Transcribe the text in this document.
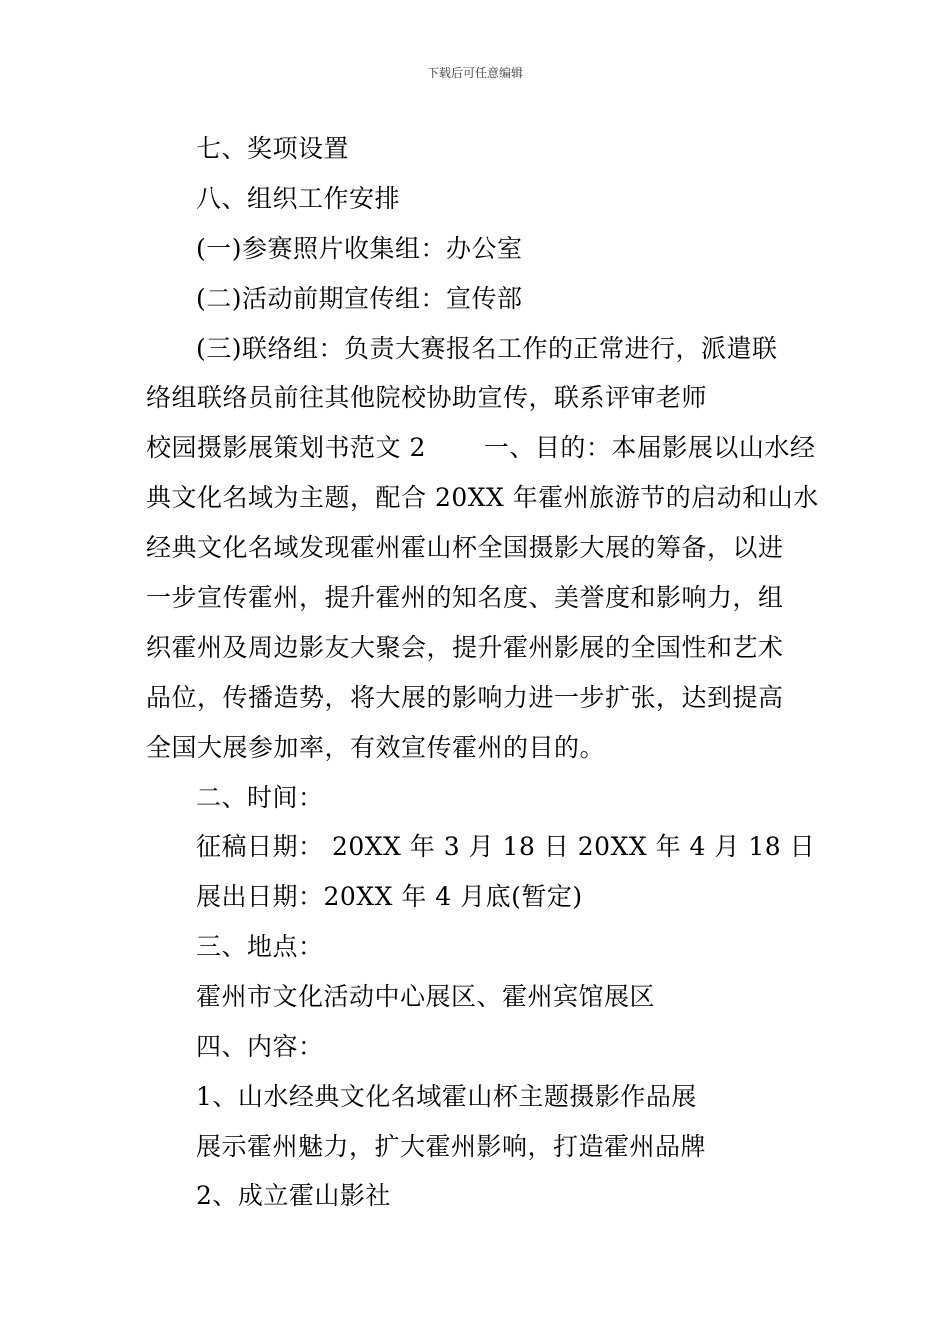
下载后可任意编辑
七、奖项设置
八、组织工作安排
(一)参赛照片收集组：办公室
(二)活动前期宣传组：宣传部
(三)联络组：负责大赛报名工作的正常进行，派遣联
络组联络员前往其他院校协助宣传，联系评审老师
校园摄影展策划书范文 2 一、目的：本届影展以山水经
典文化名域为主题，配合 20XX 年霍州旅游节的启动和山水
经典文化名域发现霍州霍山杯全国摄影大展的筹备，以进
一步宣传霍州，提升霍州的知名度、美誉度和影响力，组
织霍州及周边影友大聚会，提升霍州影展的全国性和艺术
品位，传播造势，将大展的影响力进一步扩张，达到提高
全国大展参加率，有效宣传霍州的目的。
二、时间：
征稿日期： 20XX 年 3 月 18 日 20XX 年 4 月 18 日
展出日期：20XX 年 4 月底(暂定)
三、地点：
霍州市文化活动中心展区、霍州宾馆展区
四、内容：
1、山水经典文化名域霍山杯主题摄影作品展
展示霍州魅力，扩大霍州影响，打造霍州品牌
2、成立霍山影社
